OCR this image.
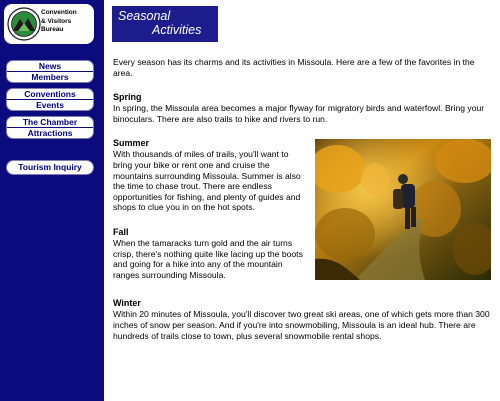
Convention
& Visitors
Bureau
News
Members
Conventions
Events
The Chamber
Attractions
Tourism Inquiry
Seasonal
Activities

Every season has its charms and its activities in Missoula. Here are a few of the favorites in the area.

Spring

In spring, the Missoula area becomes a major flyway for migratory birds and waterfowl. Bring your binoculars. There are also trails to hike and rivers to run.

Summer

With thousands of miles of trails, you'll want to bring your bike or rent one and cruise the mountains surrounding Missoula. Summer is also the time to chase trout. There are endless opportunities for fishing, and plenty of guides and shops to clue you in on the hot spots.

Fall

When the tamaracks turn gold and the air turns crisp, there's nothing quite like lacing up the boots and going for a hike into any of the mountain ranges surrounding Missoula.

Winter

Within 20 minutes of Missoula, you'll discover two great ski areas, one of which gets more than 300 inches of snow per season. And if you're into snowmobiling, Missoula is an ideal hub. There are hundreds of trails close to town, plus several snowmobile rental shops.
